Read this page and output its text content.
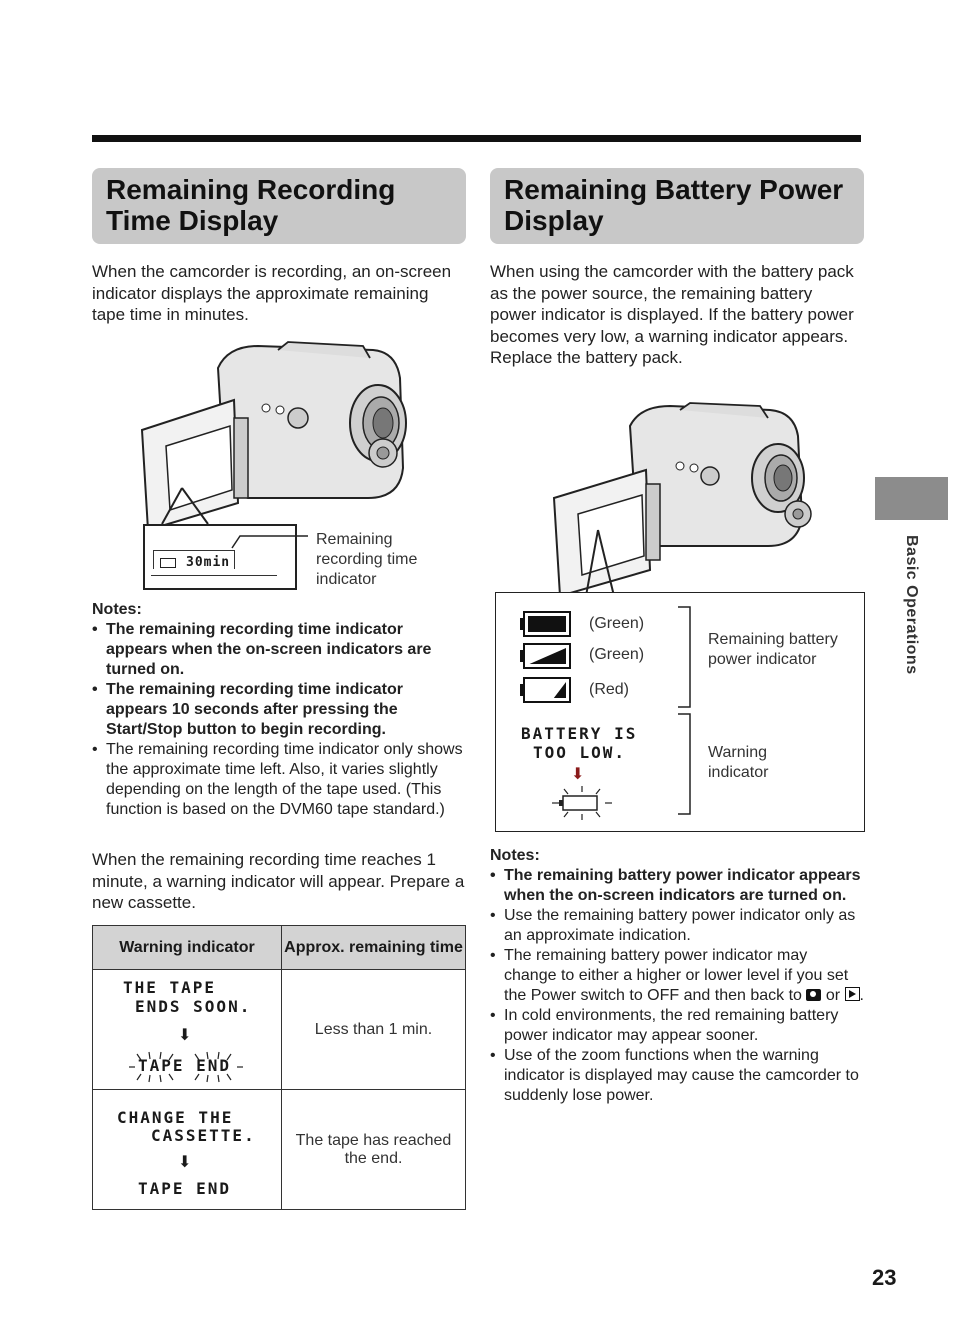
Remaining Recording Time Display
When the camcorder is recording, an on-screen indicator displays the approximate remaining tape time in minutes.
30min
Remaining recording time indicator
Notes:
• The remaining recording time indicator appears when the on-screen indicators are turned on.
• The remaining recording time indicator appears 10 seconds after pressing the Start/Stop button to begin recording.
• The remaining recording time indicator only shows the approximate time left. Also, it varies slightly depending on the length of the tape used. (This function is based on the DVM60 tape standard.)
When the remaining recording time reaches 1 minute, a warning indicator will appear. Prepare a new cassette.
Warning indicator	Approx. remaining time

THE TAPE
ENDS SOON.
⬇
TAPE END	Less than 1 min.

CHANGE THE
CASSETTE.
⬇
TAPE END	The tape has reached the end.
Remaining Battery Power Display
When using the camcorder with the battery pack as the power source, the remaining battery power indicator is displayed. If the battery power becomes very low, a warning indicator appears. Replace the battery pack.
(Green)
(Green)
(Red)
Remaining battery power indicator
BATTERY IS
TOO LOW.
⬇
Warning indicator
Notes:
• The remaining battery power indicator appears when the on-screen indicators are turned on.
• Use the remaining battery power indicator only as an approximate indication.
• The remaining battery power indicator may change to either a higher or lower level if you set the Power switch to OFF and then back to or .
• In cold environments, the red remaining battery power indicator may appear sooner.
• Use of the zoom functions when the warning indicator is displayed may cause the camcorder to suddenly lose power.
Basic Operations
23
